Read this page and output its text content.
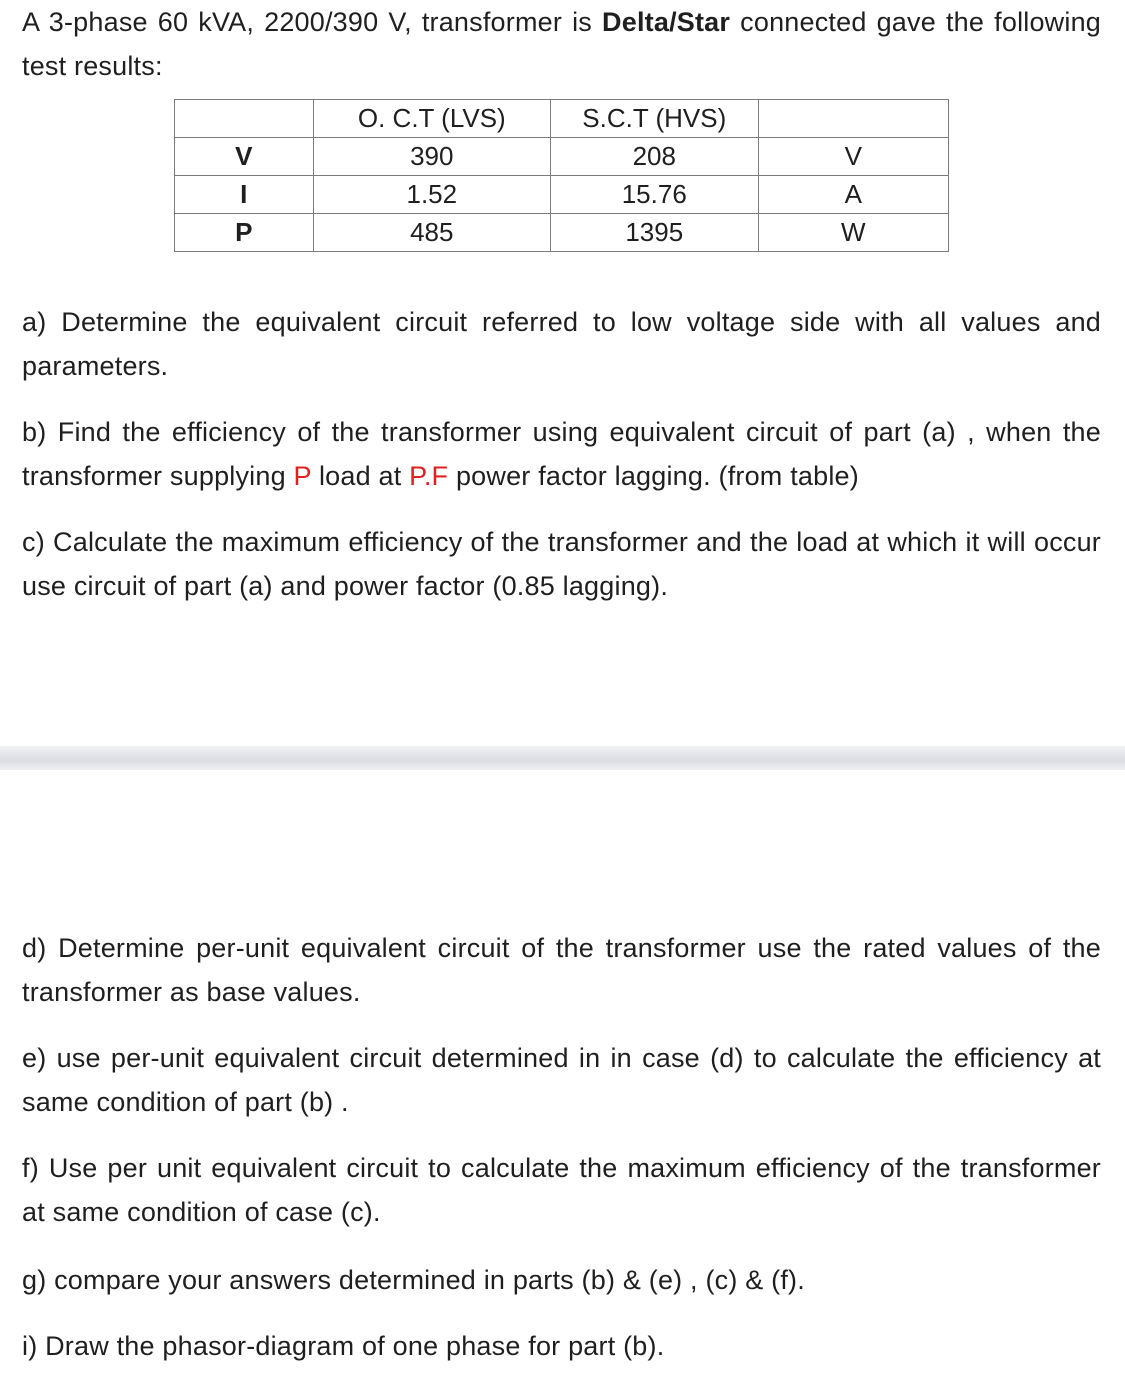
A 3-phase 60 kVA, 2200/390 V, transformer is Delta/Star connected gave the following test results:
	O. C.T (LVS)	S.C.T (HVS)	
V	390	208	V
I	1.52	15.76	A
P	485	1395	W
a) Determine the equivalent circuit referred to low voltage side with all values and parameters.
b) Find the efficiency of the transformer using equivalent circuit of part (a) , when the transformer supplying P load at P.F power factor lagging. (from table)
c) Calculate the maximum efficiency of the transformer and the load at which it will occur use circuit of part (a) and power factor (0.85 lagging).
d) Determine per-unit equivalent circuit of the transformer use the rated values of the transformer as base values.
e) use per-unit equivalent circuit determined in in case (d) to calculate the efficiency at same condition of part (b) .
f) Use per unit equivalent circuit to calculate the maximum efficiency of the transformer at same condition of case (c).
g) compare your answers determined in parts (b) & (e) , (c) & (f).
i) Draw the phasor-diagram of one phase for part (b).
